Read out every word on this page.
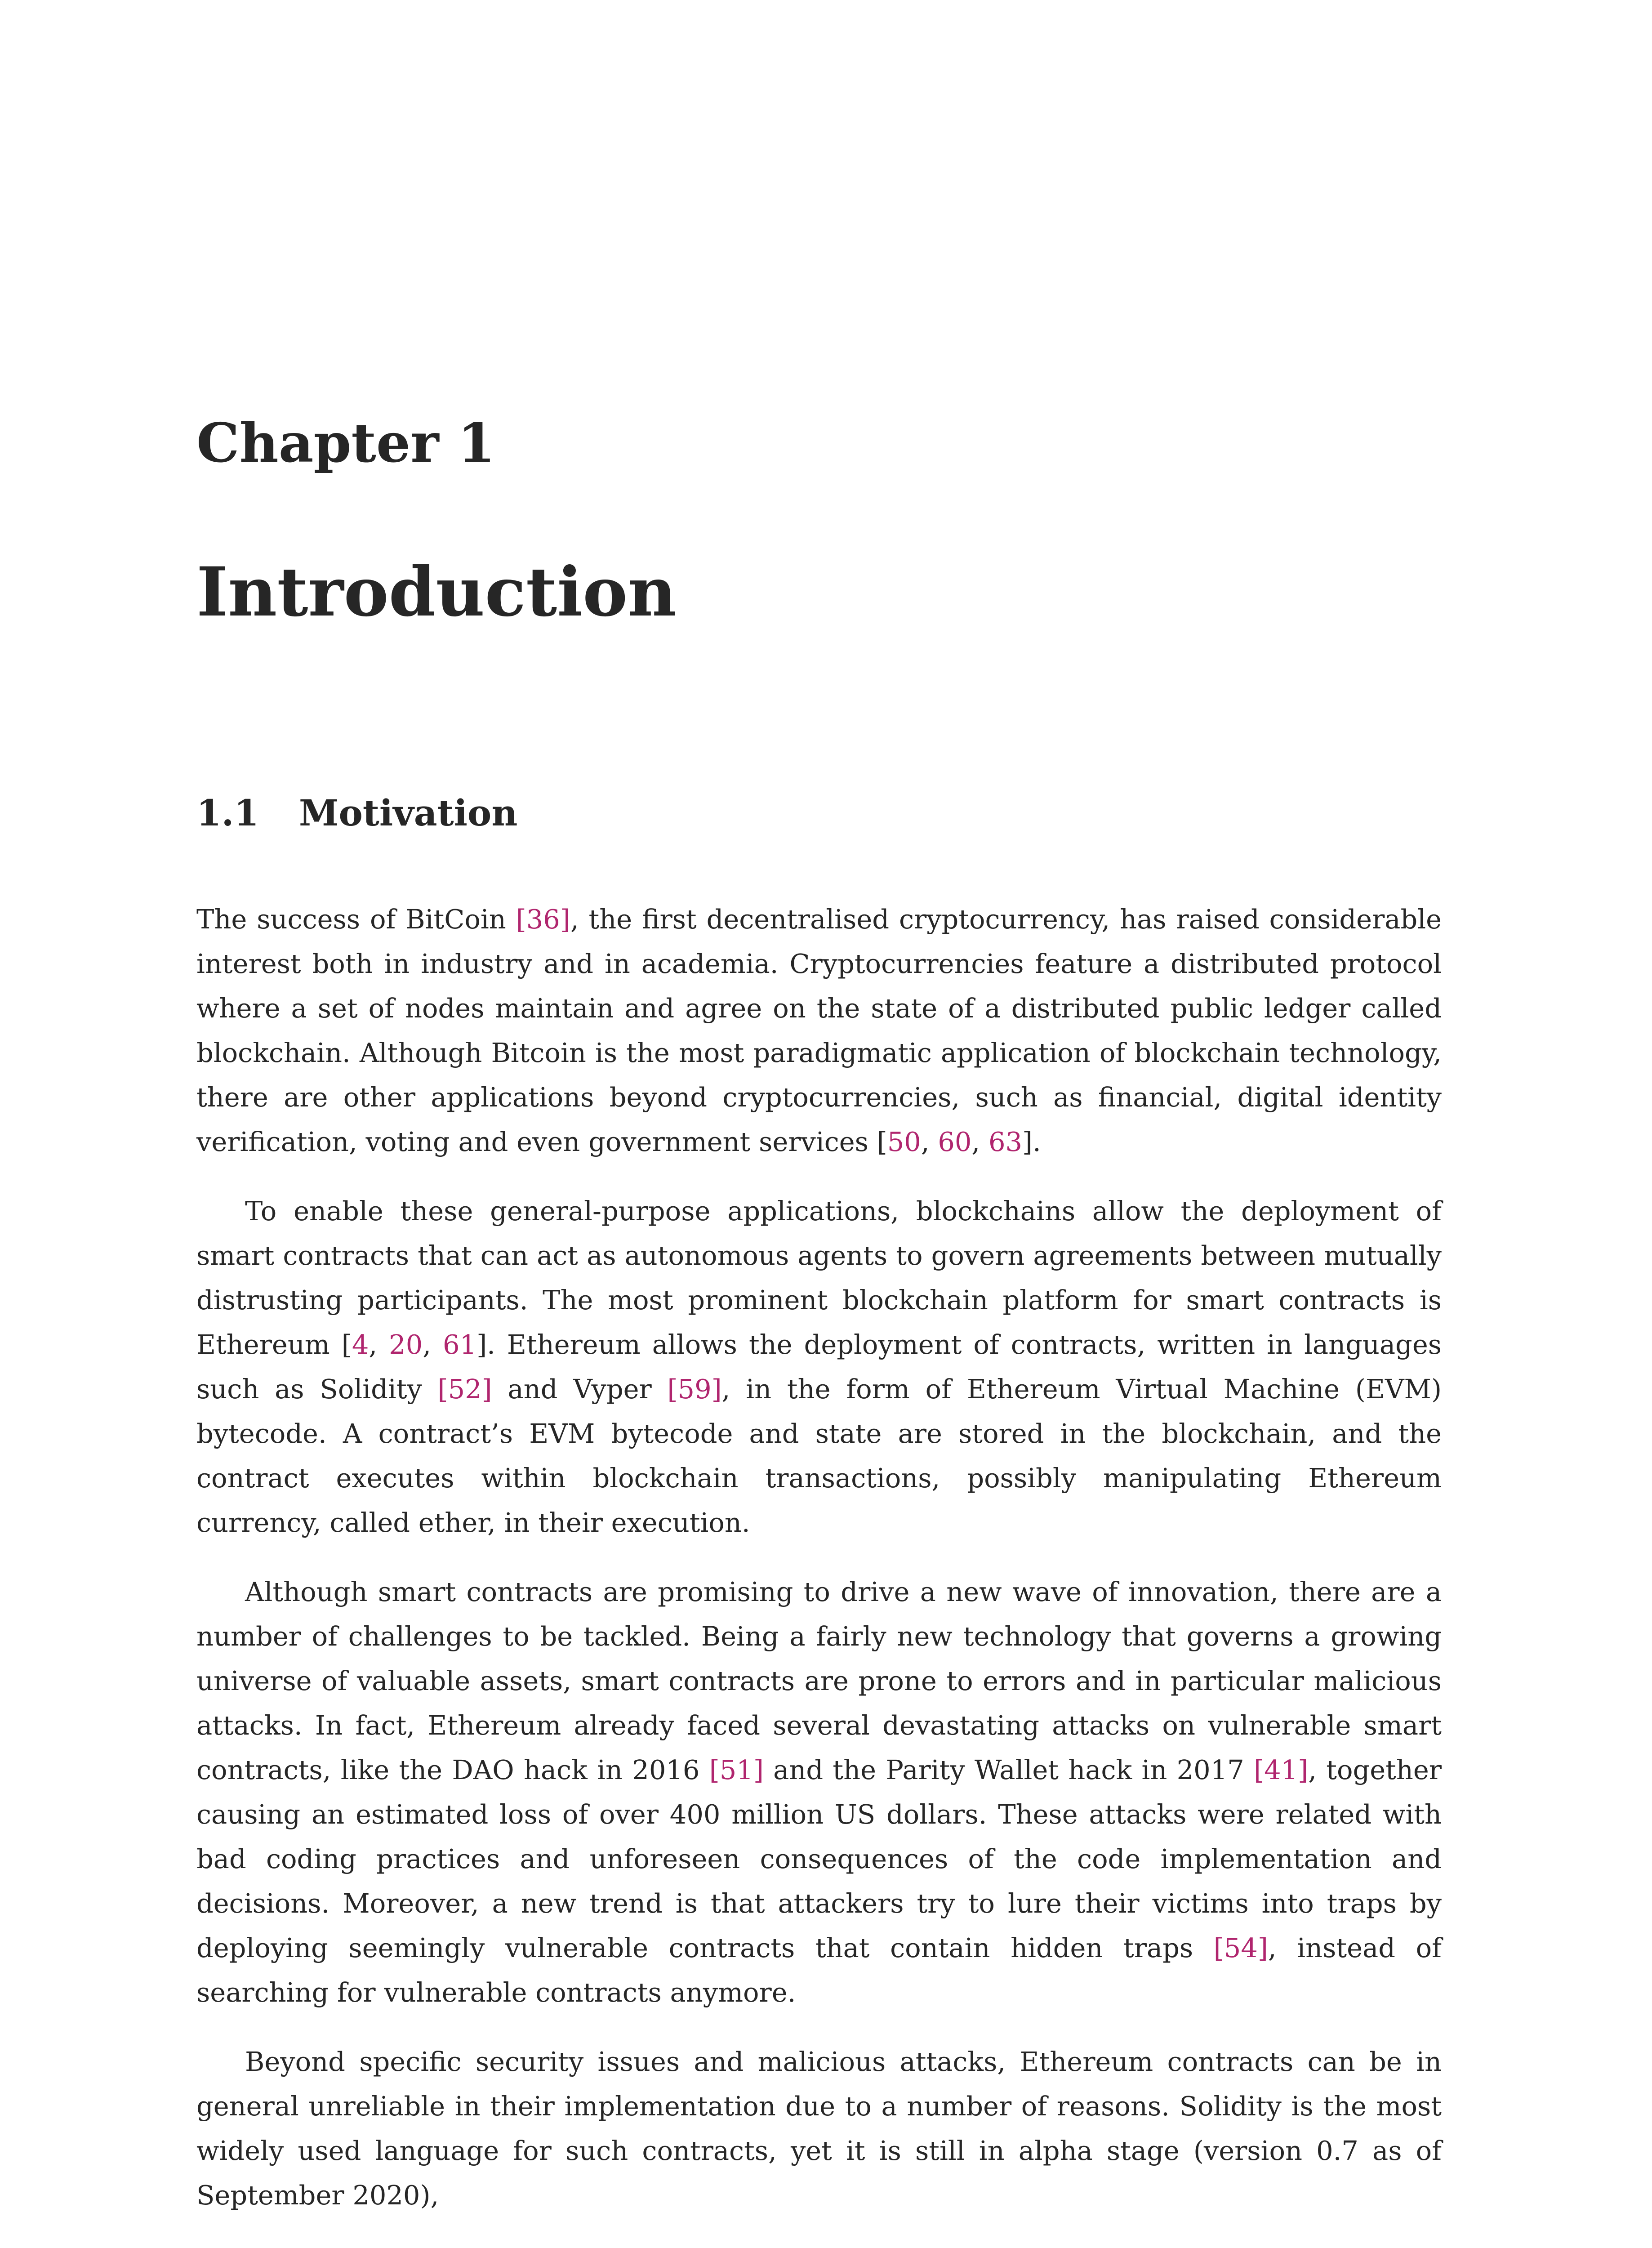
Chapter 1
Introduction
1.1 Motivation

The success of BitCoin [36], the first decentralised cryptocurrency, has raised considerable interest both in industry and in academia. Cryptocurrencies feature a distributed protocol where a set of nodes maintain and agree on the state of a distributed public ledger called blockchain. Although Bitcoin is the most paradigmatic application of blockchain technology, there are other applications beyond cryptocurrencies, such as financial, digital identity verification, voting and even government services [50, 60, 63].

To enable these general-purpose applications, blockchains allow the deployment of smart contracts that can act as autonomous agents to govern agreements between mutually distrusting participants. The most prominent blockchain platform for smart contracts is Ethereum [4, 20, 61]. Ethereum allows the deployment of contracts, written in languages such as Solidity [52] and Vyper [59], in the form of Ethereum Virtual Machine (EVM) bytecode. A contract’s EVM bytecode and state are stored in the blockchain, and the contract executes within blockchain transactions, possibly manipulating Ethereum currency, called ether, in their execution.

Although smart contracts are promising to drive a new wave of innovation, there are a number of challenges to be tackled. Being a fairly new technology that governs a growing universe of valuable assets, smart contracts are prone to errors and in particular malicious attacks. In fact, Ethereum already faced several devastating attacks on vulnerable smart contracts, like the DAO hack in 2016 [51] and the Parity Wallet hack in 2017 [41], together causing an estimated loss of over 400 million US dollars. These attacks were related with bad coding practices and unforeseen consequences of the code implementation and decisions. Moreover, a new trend is that attackers try to lure their victims into traps by deploying seemingly vulnerable contracts that contain hidden traps [54], instead of searching for vulnerable contracts anymore.

Beyond specific security issues and malicious attacks, Ethereum contracts can be in general unreliable in their implementation due to a number of reasons. Solidity is the most widely used language for such contracts, yet it is still in alpha stage (version 0.7 as of September 2020),
